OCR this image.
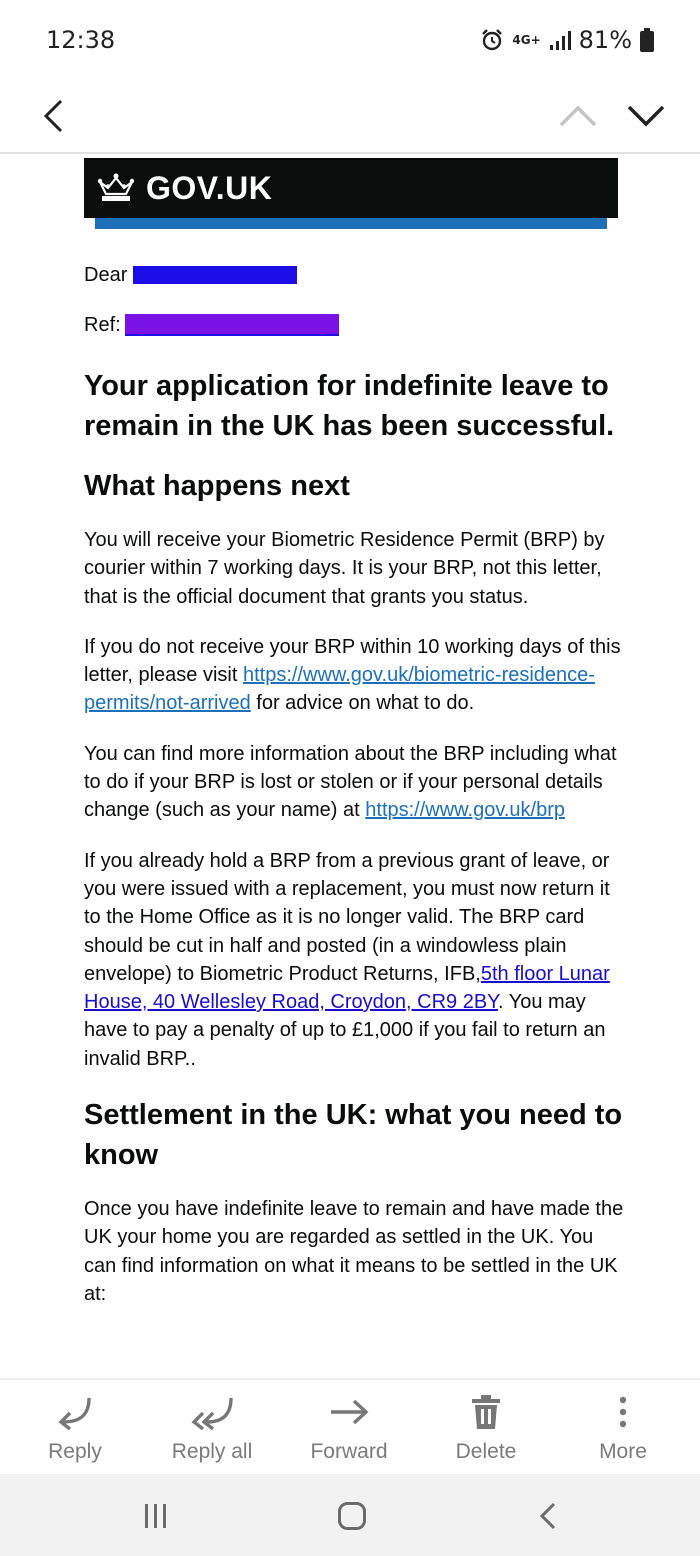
12:38	4G+ 81%
GOV.UK

Dear

Ref:

Your application for indefinite leave to remain in the UK has been successful.
What happens next

You will receive your Biometric Residence Permit (BRP) by courier within 7 working days. It is your BRP, not this letter, that is the official document that grants you status.

If you do not receive your BRP within 10 working days of this letter, please visit https://www.gov.uk/biometric-residence-permits/not-arrived for advice on what to do.

You can find more information about the BRP including what to do if your BRP is lost or stolen or if your personal details change (such as your name) at https://www.gov.uk/brp

If you already hold a BRP from a previous grant of leave, or you were issued with a replacement, you must now return it to the Home Office as it is no longer valid. The BRP card should be cut in half and posted (in a windowless plain envelope) to Biometric Product Returns, IFB,5th floor Lunar House, 40 Wellesley Road, Croydon, CR9 2BY. You may have to pay a penalty of up to £1,000 if you fail to return an invalid BRP..

Settlement in the UK: what you need to know

Once you have indefinite leave to remain and have made the UK your home you are regarded as settled in the UK. You can find information on what it means to be settled in the UK at:

Reply	Reply all	Forward	Delete	More
